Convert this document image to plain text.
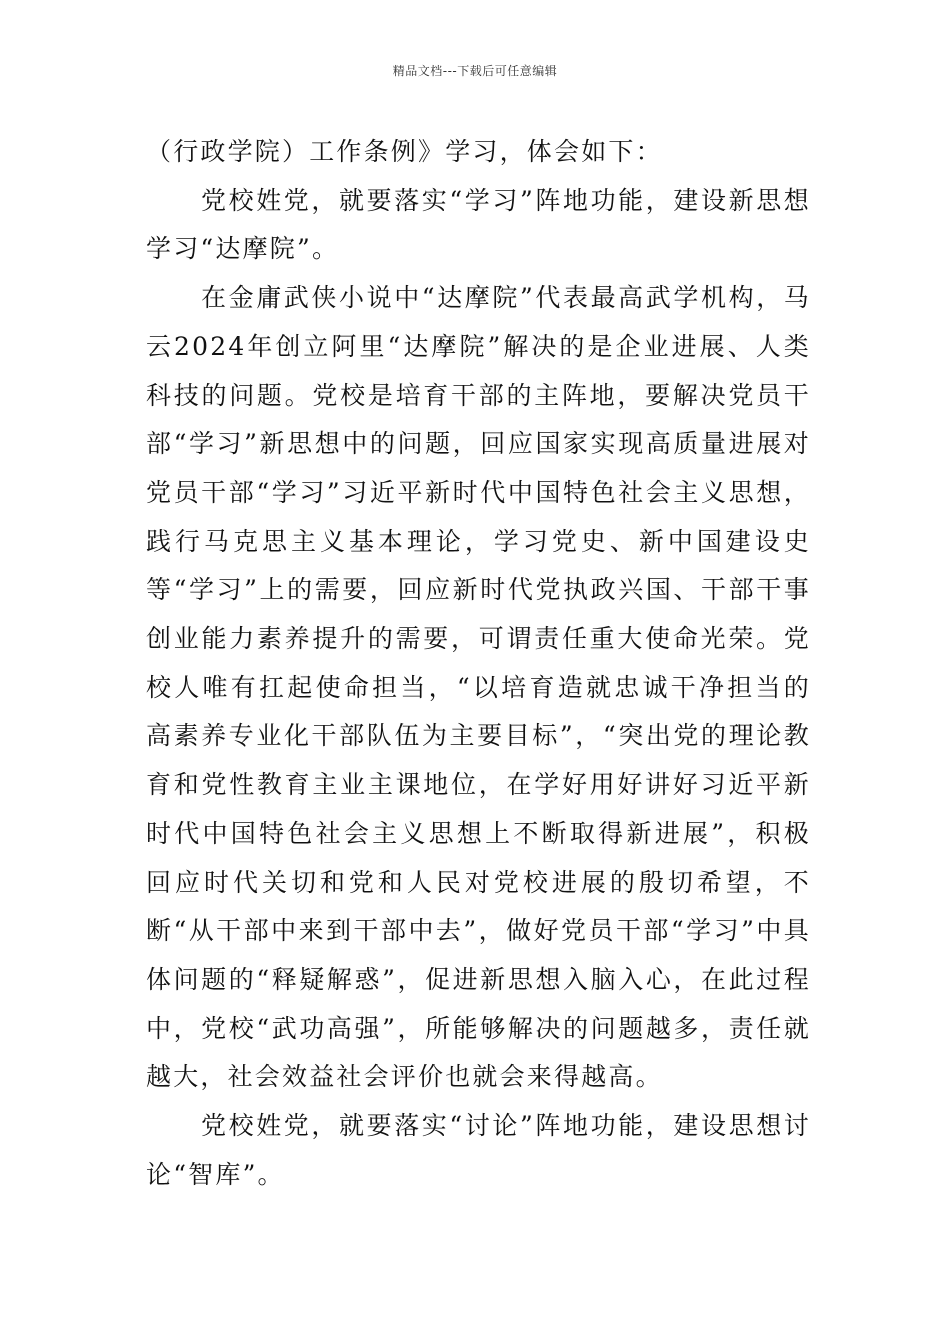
精品文档---下载后可任意编辑

（行政学院）工作条例》学习，体会如下：

党校姓党，就要落实“学习”阵地功能，建设新思想学习“达摩院”。

在金庸武侠小说中“达摩院”代表最高武学机构，马云2024年创立阿里“达摩院”解决的是企业进展、人类科技的问题。党校是培育干部的主阵地，要解决党员干部“学习”新思想中的问题，回应国家实现高质量进展对党员干部“学习”习近平新时代中国特色社会主义思想，践行马克思主义基本理论，学习党史、新中国建设史等“学习”上的需要，回应新时代党执政兴国、干部干事创业能力素养提升的需要，可谓责任重大使命光荣。党校人唯有扛起使命担当，“以培育造就忠诚干净担当的高素养专业化干部队伍为主要目标”，“突出党的理论教育和党性教育主业主课地位，在学好用好讲好习近平新时代中国特色社会主义思想上不断取得新进展”，积极回应时代关切和党和人民对党校进展的殷切希望，不断“从干部中来到干部中去”，做好党员干部“学习”中具体问题的“释疑解惑”，促进新思想入脑入心，在此过程中，党校“武功高强”，所能够解决的问题越多，责任就越大，社会效益社会评价也就会来得越高。

党校姓党，就要落实“讨论”阵地功能，建设思想讨论“智库”。
